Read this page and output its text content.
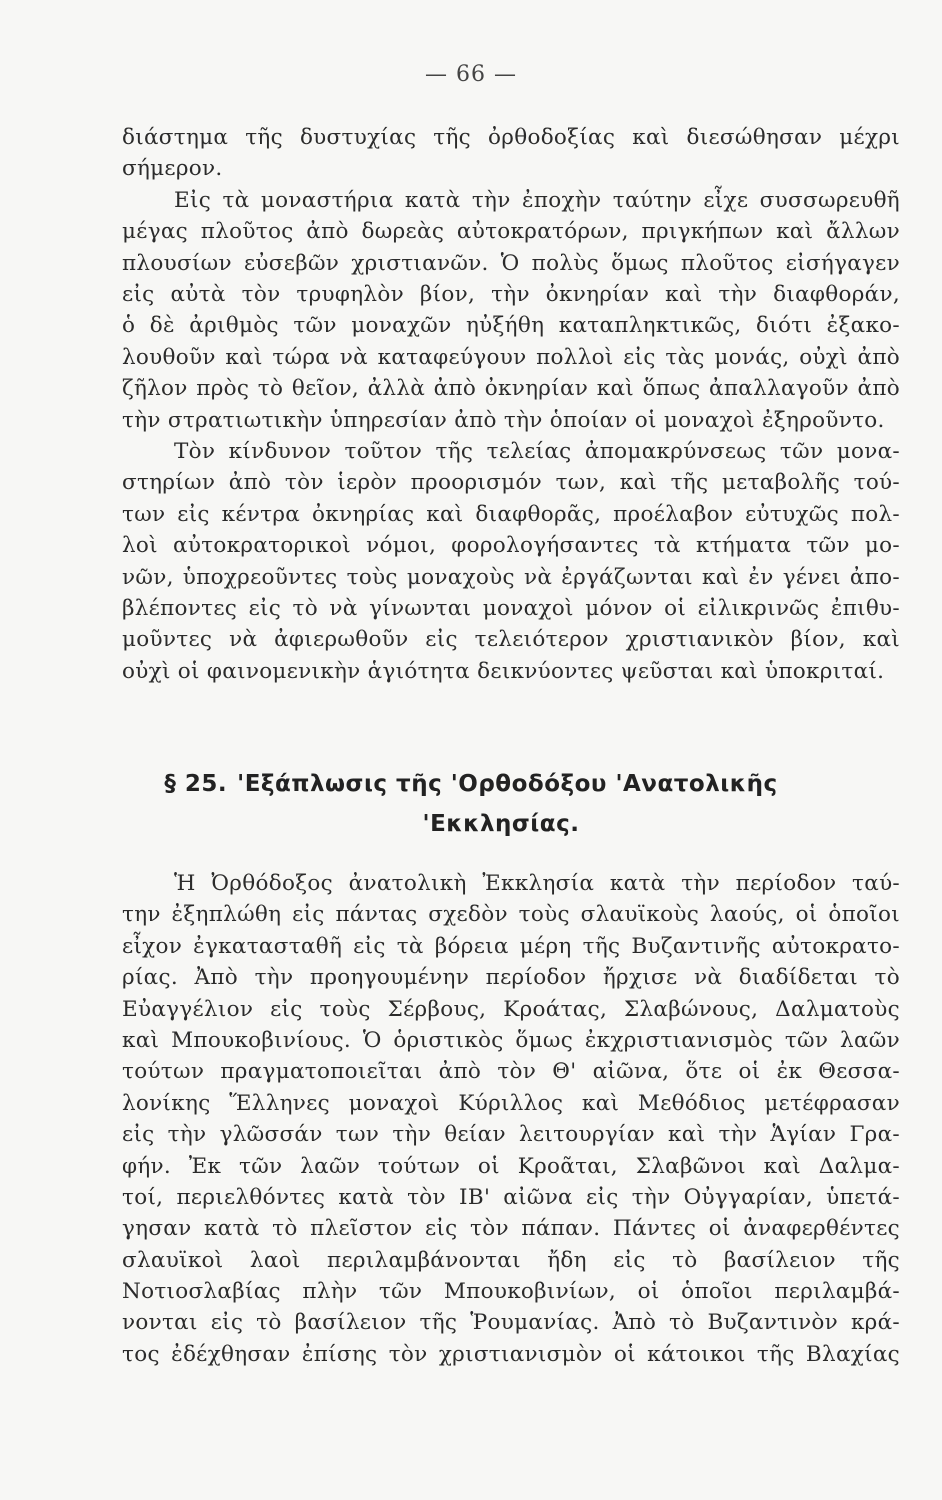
— 66 —
διάστημα τῆς δυστυχίας τῆς ὀρθοδοξίας καὶ διεσώθησαν μέχρι
σήμερον.
Εἰς τὰ μοναστήρια κατὰ τὴν ἐποχὴν ταύτην εἶχε συσσωρευθῆ
μέγας πλοῦτος ἀπὸ δωρεὰς αὐτοκρατόρων, πριγκήπων καὶ ἄλλων
πλουσίων εὐσεβῶν χριστιανῶν. Ὁ πολὺς ὅμως πλοῦτος εἰσήγαγεν
εἰς αὐτὰ τὸν τρυφηλὸν βίον, τὴν ὀκνηρίαν καὶ τὴν διαφθοράν,
ὁ δὲ ἀριθμὸς τῶν μοναχῶν ηὐξήθη καταπληκτικῶς, διότι ἐξακο-
λουθοῦν καὶ τώρα νὰ καταφεύγουν πολλοὶ εἰς τὰς μονάς, οὐχὶ ἀπὸ
ζῆλον πρὸς τὸ θεῖον, ἀλλὰ ἀπὸ ὀκνηρίαν καὶ ὅπως ἀπαλλαγοῦν ἀπὸ
τὴν στρατιωτικὴν ὑπηρεσίαν ἀπὸ τὴν ὁποίαν οἱ μοναχοὶ ἐξηροῦντο.
Τὸν κίνδυνον τοῦτον τῆς τελείας ἀπομακρύνσεως τῶν μονα-
στηρίων ἀπὸ τὸν ἱερὸν προορισμόν των, καὶ τῆς μεταβολῆς τού-
των εἰς κέντρα ὀκνηρίας καὶ διαφθορᾶς, προέλαβον εὐτυχῶς πολ-
λοὶ αὐτοκρατορικοὶ νόμοι, φορολογήσαντες τὰ κτήματα τῶν μο-
νῶν, ὑποχρεοῦντες τοὺς μοναχοὺς νὰ ἐργάζωνται καὶ ἐν γένει ἀπο-
βλέποντες εἰς τὸ νὰ γίνωνται μοναχοὶ μόνον οἱ εἰλικρινῶς ἐπιθυ-
μοῦντες νὰ ἀφιερωθοῦν εἰς τελειότερον χριστιανικὸν βίον, καὶ
οὐχὶ οἱ φαινομενικὴν ἁγιότητα δεικνύοντες ψεῦσται καὶ ὑποκριταί.
§ 25. 'Εξάπλωσις τῆς 'Ορθοδόξου 'Ανατολικῆς
'Εκκλησίας.
Ἡ Ὀρθόδοξος ἀνατολικὴ Ἐκκλησία κατὰ τὴν περίοδον ταύ-
την ἐξηπλώθη εἰς πάντας σχεδὸν τοὺς σλαυϊκοὺς λαούς, οἱ ὁποῖοι
εἶχον ἐγκατασταθῆ εἰς τὰ βόρεια μέρη τῆς Βυζαντινῆς αὐτοκρατο-
ρίας. Ἀπὸ τὴν προηγουμένην περίοδον ἤρχισε νὰ διαδίδεται τὸ
Εὐαγγέλιον εἰς τοὺς Σέρβους, Κροάτας, Σλαβώνους, Δαλματοὺς
καὶ Μπουκοβινίους. Ὁ ὁριστικὸς ὅμως ἐκχριστιανισμὸς τῶν λαῶν
τούτων πραγματοποιεῖται ἀπὸ τὸν Θ' αἰῶνα, ὅτε οἱ ἐκ Θεσσα-
λονίκης Ἕλληνες μοναχοὶ Κύριλλος καὶ Μεθόδιος μετέφρασαν
εἰς τὴν γλῶσσάν των τὴν θείαν λειτουργίαν καὶ τὴν Ἁγίαν Γρα-
φήν. Ἐκ τῶν λαῶν τούτων οἱ Κροᾶται, Σλαβῶνοι καὶ Δαλμα-
τοί, περιελθόντες κατὰ τὸν ΙΒ' αἰῶνα εἰς τὴν Οὐγγαρίαν, ὑπετά-
γησαν κατὰ τὸ πλεῖστον εἰς τὸν πάπαν. Πάντες οἱ ἀναφερθέντες
σλαυϊκοὶ λαοὶ περιλαμβάνονται ἤδη εἰς τὸ βασίλειον τῆς
Νοτιοσλαβίας πλὴν τῶν Μπουκοβινίων, οἱ ὁποῖοι περιλαμβά-
νονται εἰς τὸ βασίλειον τῆς Ῥουμανίας. Ἀπὸ τὸ Βυζαντινὸν κρά-
τος ἐδέχθησαν ἐπίσης τὸν χριστιανισμὸν οἱ κάτοικοι τῆς Βλαχίας
